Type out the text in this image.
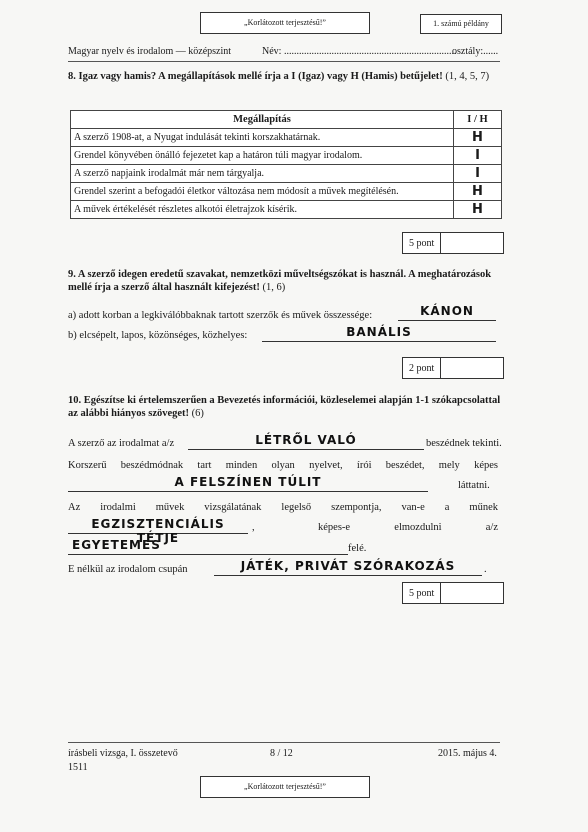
„Korlátozott terjesztésű!”	1. számú példány
Magyar nyelv és irodalom — középszint	Név: .....................................................................
osztály:......
8. Igaz vagy hamis? A megállapítások mellé írja a I (Igaz) vagy H (Hamis) betűjelet! (1, 4, 5, 7)
Megállapítás	I / H
A szerző 1908-at, a Nyugat indulását tekinti korszakhatárnak.	H
Grendel könyvében önálló fejezetet kap a határon túli magyar irodalom.	I
A szerző napjaink irodalmát már nem tárgyalja.	I
Grendel szerint a befogadói életkor változása nem módosít a művek megítélésén.	H
A művek értékelését részletes alkotói életrajzok kísérik.	H
5 pont
9. A szerző idegen eredetű szavakat, nemzetközi műveltségszókat is használ. A meghatározások mellé írja a szerző által használt kifejezést! (1, 6)
a) adott korban a legkiválóbbaknak tartott szerzők és művek összessége:	KÁNON
b) elcsépelt, lapos, közönséges, közhelyes:	BANÁLIS
2 pont
10. Egészítse ki értelemszerűen a Bevezetés információi, közleselemei alapján 1-1 szókapcsolattal az alábbi hiányos szöveget! (6)
A szerző az irodalmat a/z	LÉTRŐL VALÓ	beszédnek tekinti.
Korszerű beszédmódnak tart minden olyan nyelvet, írói beszédet, mely képes
A FELSZÍNEN TÚLIT	láttatni.
Az irodalmi művek vizsgálatának legelső szempontja, van-e a műnek
EGZISZTENCIÁLIS TÉTJE
,	képes-e elmozdulni a/z
EGYETEMES	felé.
E nélkül az irodalom csupán	JÁTÉK, PRIVÁT SZÓRAKOZÁS	.
5 pont
írásbeli vizsga, I. összetevő
1511
8 / 12	2015. május 4.
„Korlátozott terjesztésű!”
